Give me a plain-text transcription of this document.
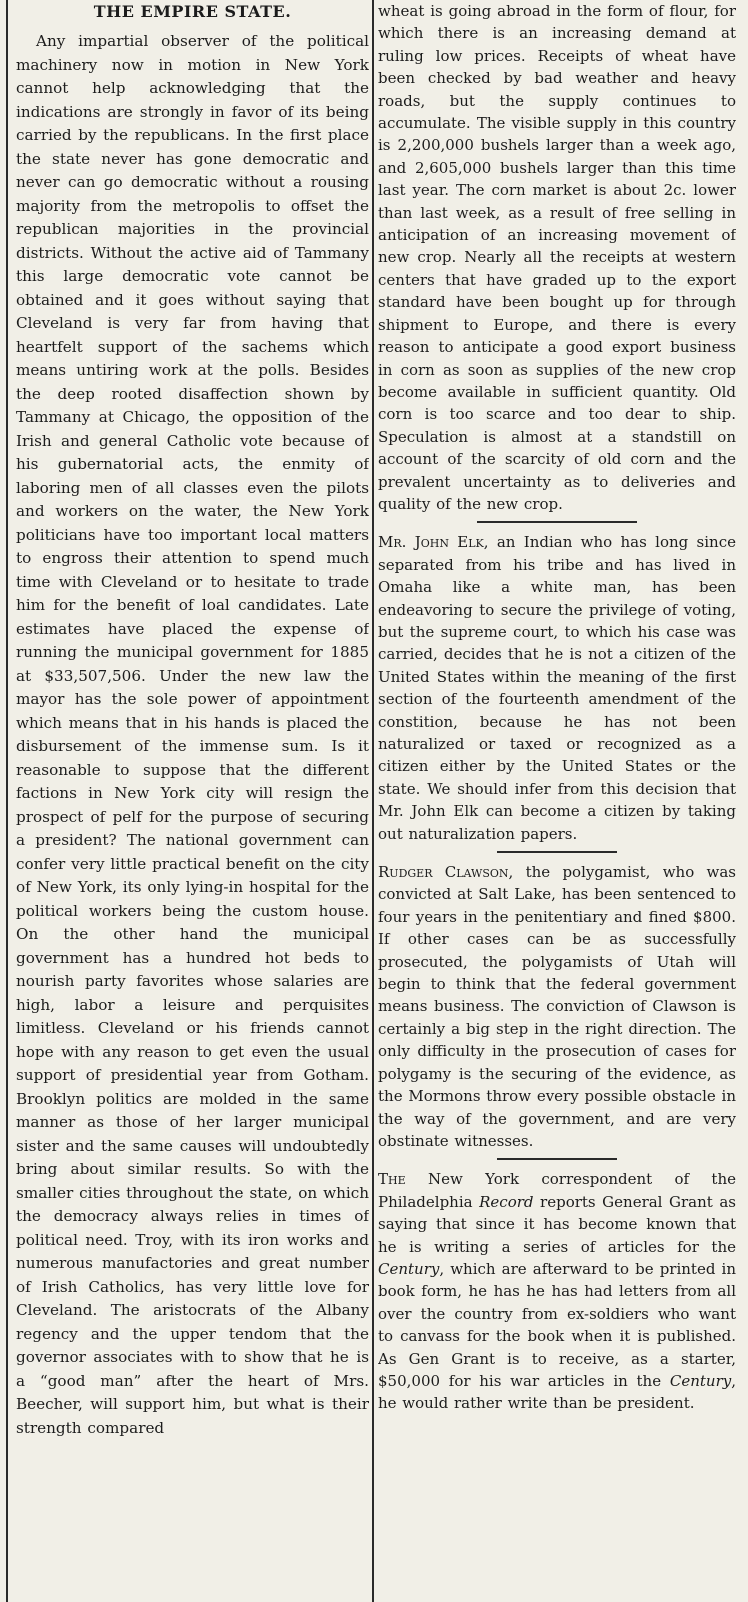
THE EMPIRE STATE.

Any impartial observer of the political machinery now in motion in New York cannot help acknowledging that the indications are strongly in favor of its being carried by the republicans. In the first place the state never has gone democratic and never can go democratic without a rousing majority from the metropolis to offset the republican majorities in the provincial districts. Without the active aid of Tammany this large democratic vote cannot be obtained and it goes without saying that Cleveland is very far from having that heartfelt support of the sachems which means untiring work at the polls. Besides the deep rooted disaffection shown by Tammany at Chicago, the opposition of the Irish and general Catholic vote because of his gubernatorial acts, the enmity of laboring men of all classes even the pilots and workers on the water, the New York politicians have too important local matters to engross their attention to spend much time with Cleveland or to hesitate to trade him for the benefit of loal candidates. Late estimates have placed the expense of running the municipal government for 1885 at $33,507,506. Under the new law the mayor has the sole power of appointment which means that in his hands is placed the disbursement of the immense sum. Is it reasonable to suppose that the different factions in New York city will resign the prospect of pelf for the purpose of securing a president? The national government can confer very little practical benefit on the city of New York, its only lying-in hospital for the political workers being the custom house. On the other hand the municipal government has a hundred hot beds to nourish party favorites whose salaries are high, labor a leisure and perquisites limitless. Cleveland or his friends cannot hope with any reason to get even the usual support of presidential year from Gotham. Brooklyn politics are molded in the same manner as those of her larger municipal sister and the same causes will undoubtedly bring about similar results. So with the smaller cities throughout the state, on which the democracy always relies in times of political need. Troy, with its iron works and numerous manufactories and great number of Irish Catholics, has very little love for Cleveland. The aristocrats of the Albany regency and the upper tendom that the governor associates with to show that he is a “good man” after the heart of Mrs. Beecher, will support him, but what is their strength compared

wheat is going abroad in the form of flour, for which there is an increasing demand at ruling low prices. Receipts of wheat have been checked by bad weather and heavy roads, but the supply continues to accumulate. The visible supply in this country is 2,200,000 bushels larger than a week ago, and 2,605,000 bushels larger than this time last year. The corn market is about 2c. lower than last week, as a result of free selling in anticipation of an increasing movement of new crop. Nearly all the receipts at western centers that have graded up to the export standard have been bought up for through shipment to Europe, and there is every reason to anticipate a good export business in corn as soon as supplies of the new crop become available in sufficient quantity. Old corn is too scarce and too dear to ship. Speculation is almost at a standstill on account of the scarcity of old corn and the prevalent uncertainty as to deliveries and quality of the new crop.

Mr. John Elk, an Indian who has long since separated from his tribe and has lived in Omaha like a white man, has been endeavoring to secure the privilege of voting, but the supreme court, to which his case was carried, decides that he is not a citizen of the United States within the meaning of the first section of the fourteenth amendment of the constition, because he has not been naturalized or taxed or recognized as a citizen either by the United States or the state. We should infer from this decision that Mr. John Elk can become a citizen by taking out naturalization papers.

Rudger Clawson, the polygamist, who was convicted at Salt Lake, has been sentenced to four years in the penitentiary and fined $800. If other cases can be as successfully prosecuted, the polygamists of Utah will begin to think that the federal government means business. The conviction of Clawson is certainly a big step in the right direction. The only difficulty in the prosecution of cases for polygamy is the securing of the evidence, as the Mormons throw every possible obstacle in the way of the government, and are very obstinate witnesses.

The New York correspondent of the Philadelphia Record reports General Grant as saying that since it has become known that he is writing a series of articles for the Century, which are afterward to be printed in book form, he has he has had letters from all over the country from ex-soldiers who want to canvass for the book when it is published. As Gen Grant is to receive, as a starter, $50,000 for his war articles in the Century, he would rather write than be president.
